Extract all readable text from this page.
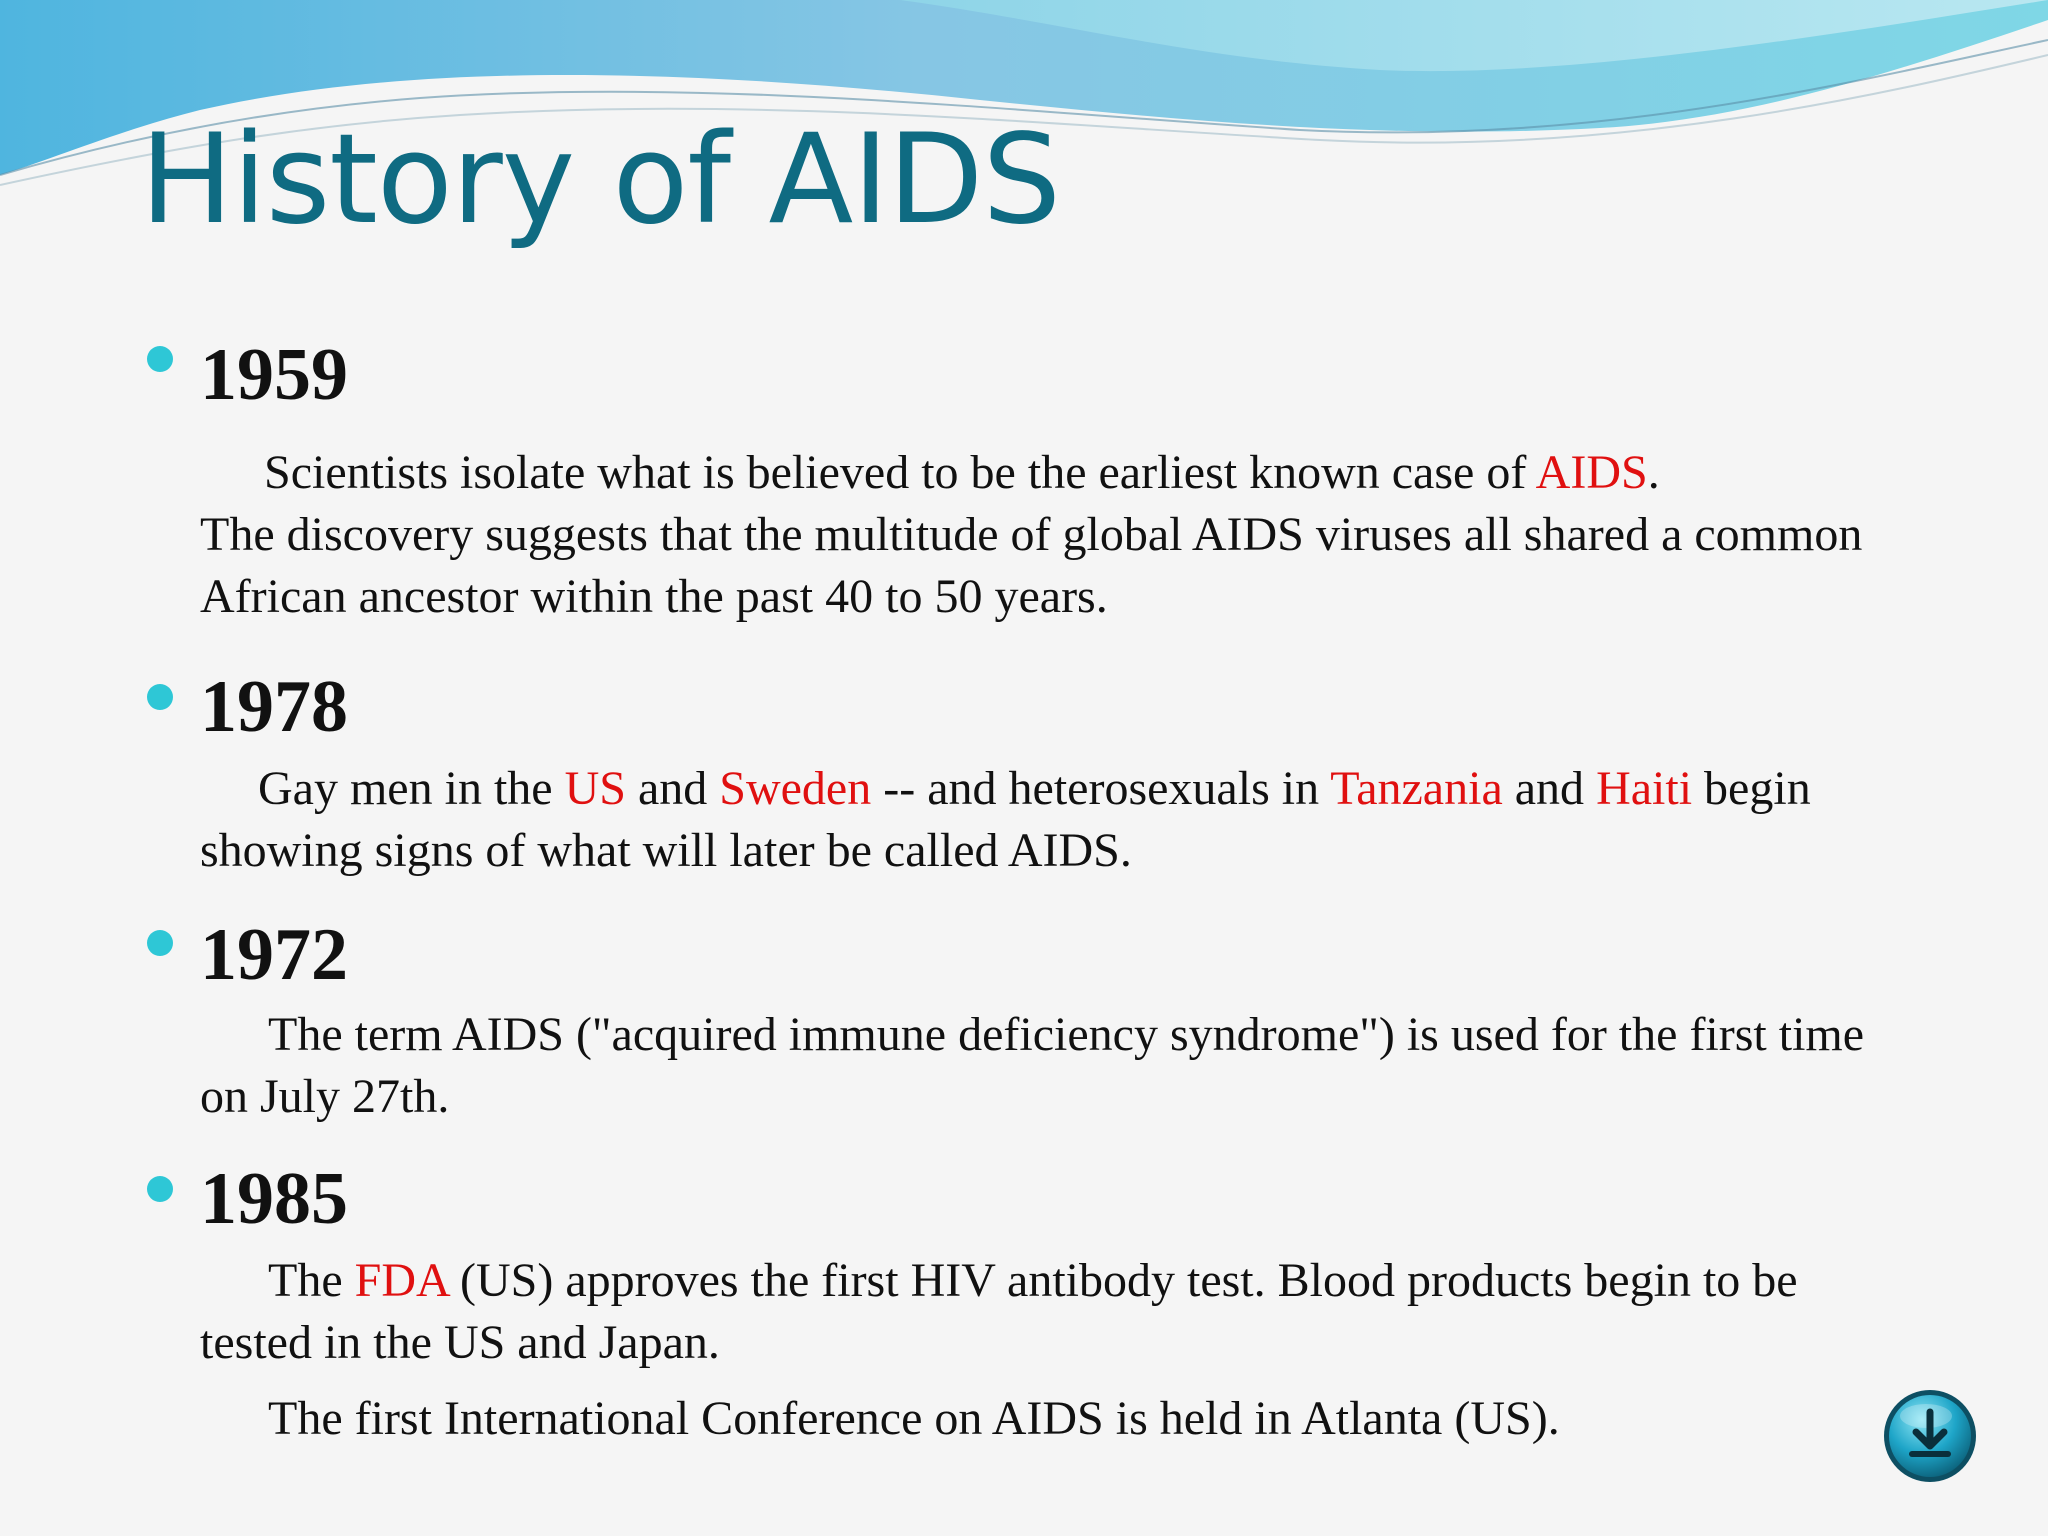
History of AIDS
1959

Scientists isolate what is believed to be the earliest known case of AIDS.
The discovery suggests that the multitude of global AIDS viruses all shared a common African ancestor within the past 40 to 50 years.

1978

Gay men in the US and Sweden -- and heterosexuals in Tanzania and Haiti begin showing signs of what will later be called AIDS.

1972

The term AIDS ("acquired immune deficiency syndrome") is used for the first time on July 27th.

1985

The FDA (US) approves the first HIV antibody test. Blood products begin to be tested in the US and Japan.

The first International Conference on AIDS is held in Atlanta (US).
